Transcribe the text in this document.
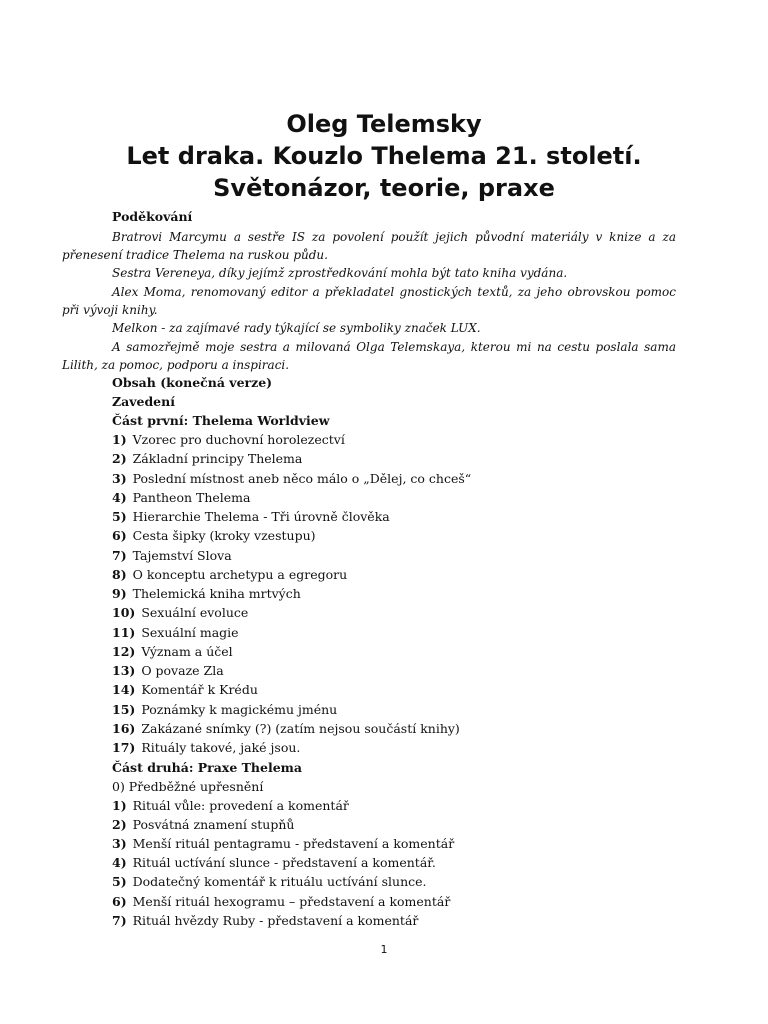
Oleg Telemsky
Let draka. Kouzlo Thelema 21. století.
Světonázor, teorie, praxe

Poděkování

Bratrovi Marcymu a sestře IS za povolení použít jejich původní materiály v knize a za přenesení tradice Thelema na ruskou půdu.

Sestra Vereneya, díky jejímž zprostředkování mohla být tato kniha vydána.

Alex Moma, renomovaný editor a překladatel gnostických textů, za jeho obrovskou pomoc při vývoji knihy.

Melkon - za zajímavé rady týkající se symboliky značek LUX.

A samozřejmě moje sestra a milovaná Olga Telemskaya, kterou mi na cestu poslala sama Lilith, za pomoc, podporu a inspiraci.

Obsah (konečná verze)

Zavedení

Část první: Thelema Worldview

1) Vzorec pro duchovní horolezectví

2) Základní principy Thelema

3) Poslední místnost aneb něco málo o „Dělej, co chceš“

4) Pantheon Thelema

5) Hierarchie Thelema - Tři úrovně člověka

6) Cesta šipky (kroky vzestupu)

7) Tajemství Slova

8) O konceptu archetypu a egregoru

9) Thelemická kniha mrtvých

10) Sexuální evoluce

11) Sexuální magie

12) Význam a účel

13) O povaze Zla

14) Komentář k Krédu

15) Poznámky k magickému jménu

16) Zakázané snímky (?) (zatím nejsou součástí knihy)

17) Rituály takové, jaké jsou.

Část druhá: Praxe Thelema

0) Předběžné upřesnění

1) Rituál vůle: provedení a komentář

2) Posvátná znamení stupňů

3) Menší rituál pentagramu - představení a komentář

4) Rituál uctívání slunce - představení a komentář.

5) Dodatečný komentář k rituálu uctívání slunce.

6) Menší rituál hexogramu – představení a komentář

7) Rituál hvězdy Ruby - představení a komentář

1
